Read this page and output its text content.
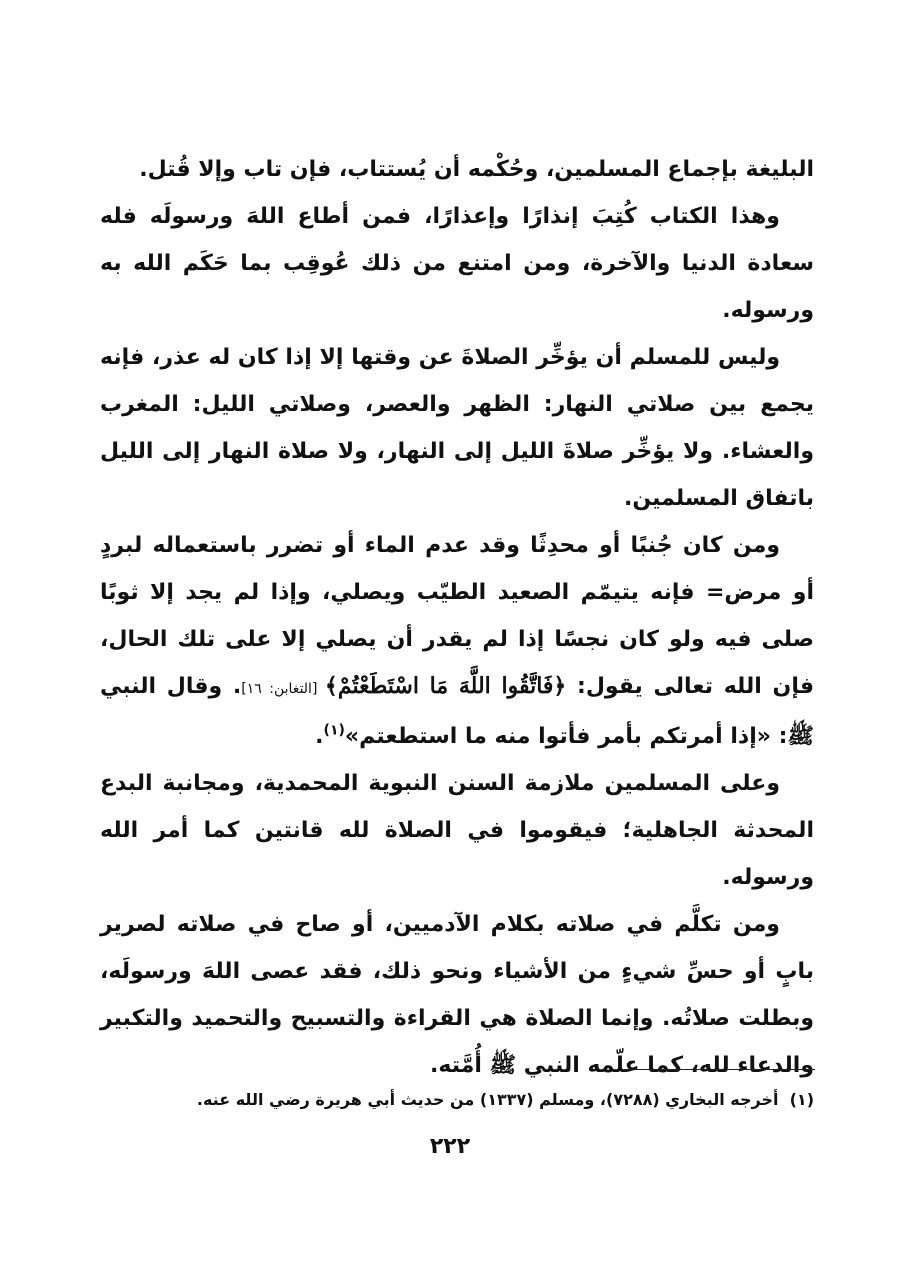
البليغة بإجماع المسلمين، وحُكْمه أن يُستتاب، فإن تاب وإلا قُتل.

وهذا الكتاب كُتِبَ إنذارًا وإعذارًا، فمن أطاع اللهَ ورسولَه فله سعادة الدنيا والآخرة، ومن امتنع من ذلك عُوقِب بما حَكَم الله به ورسوله.

وليس للمسلم أن يؤخِّر الصلاةَ عن وقتها إلا إذا كان له عذر، فإنه يجمع بين صلاتي النهار: الظهر والعصر، وصلاتي الليل: المغرب والعشاء. ولا يؤخِّر صلاةَ الليل إلى النهار، ولا صلاة النهار إلى الليل باتفاق المسلمين.

ومن كان جُنبًا أو محدِثًا وقد عدم الماء أو تضرر باستعماله لبردٍ أو مرض= فإنه يتيمّم الصعيد الطيّب ويصلي، وإذا لم يجد إلا ثوبًا صلى فيه ولو كان نجسًا إذا لم يقدر أن يصلي إلا على تلك الحال، فإن الله تعالى يقول: ﴿فَاتَّقُوا اللَّهَ مَا اسْتَطَعْتُمْ﴾ [التغابن: ١٦]. وقال النبي ﷺ: «إذا أمرتكم بأمر فأتوا منه ما استطعتم»$^{(١)}$.

وعلى المسلمين ملازمة السنن النبوية المحمدية، ومجانبة البدع المحدثة الجاهلية؛ فيقوموا في الصلاة لله قانتين كما أمر الله ورسوله.

ومن تكلَّم في صلاته بكلام الآدميين، أو صاح في صلاته لصرير بابٍ أو حسِّ شيءٍ من الأشياء ونحو ذلك، فقد عصى اللهَ ورسولَه، وبطلت صلاتُه. وإنما الصلاة هي القراءة والتسبيح والتحميد والتكبير والدعاء لله، كما علّمه النبي ﷺ أُمَّته.

(١)  أخرجه البخاري (٧٢٨٨)، ومسلم (١٣٣٧) من حديث أبي هريرة رضي الله عنه.
٢٢٢
